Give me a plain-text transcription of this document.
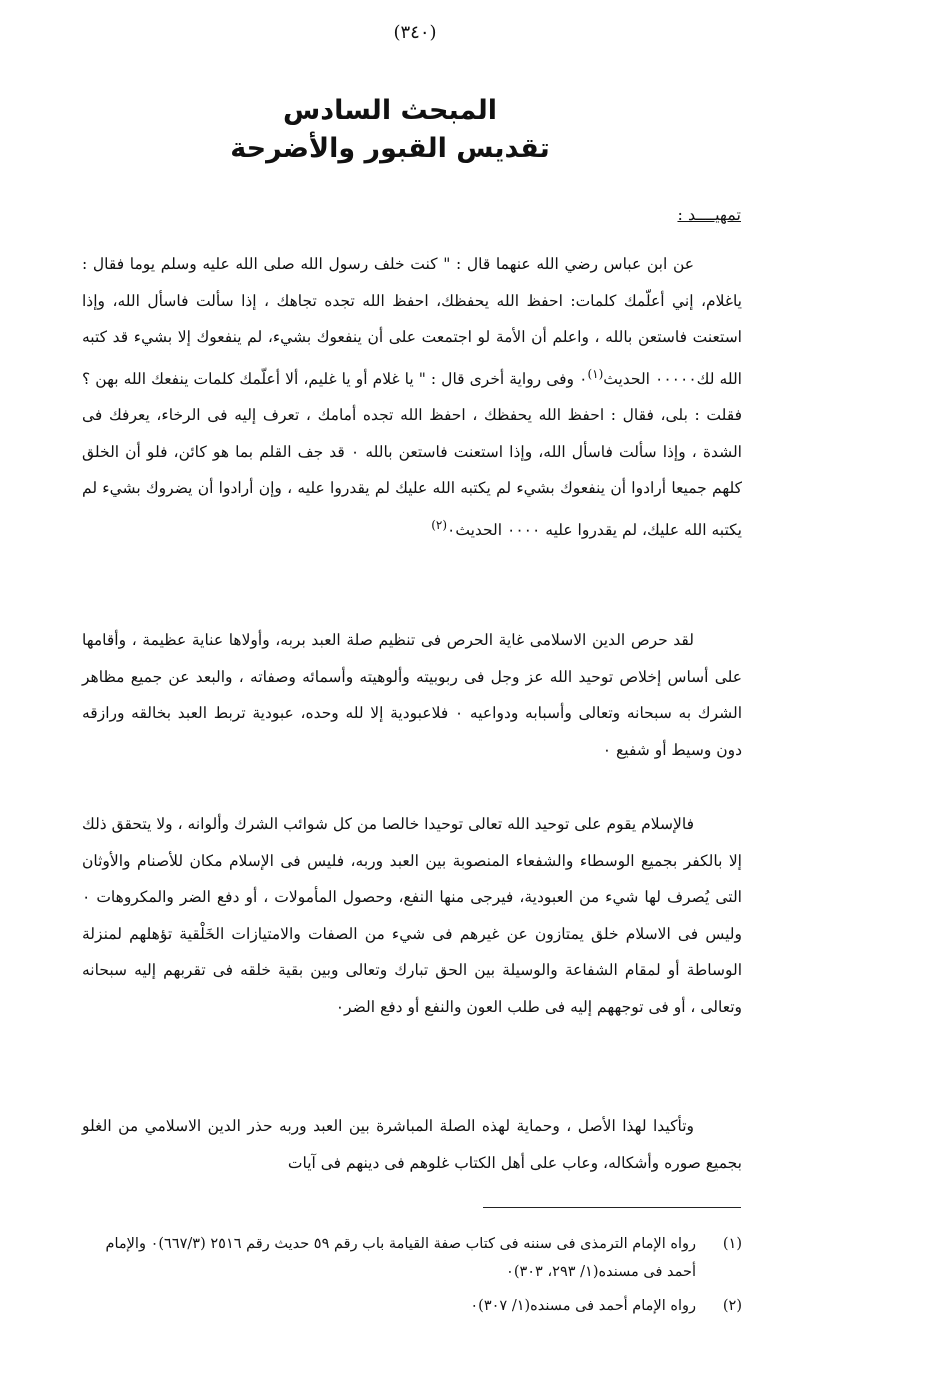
(٣٤٠)

المبحث السادس

تقديس القبور والأضرحة

تمهيــــد :

عن ابن عباس رضي الله عنهما قال : " كنت خلف رسول الله صلى الله عليه وسلم يوما فقال : ياغلام، إني أعلّمك كلمات: احفظ الله يحفظك، احفظ الله تجده تجاهك ، إذا سألت فاسأل الله، وإذا استعنت فاستعن بالله ، واعلم أن الأمة لو اجتمعت على أن ينفعوك بشيء، لم ينفعوك إلا بشيء قد كتبه الله لك٠٠٠٠٠ الحديث$^{(١)}$٠ وفى رواية أخرى قال : " يا غلام أو يا غليم، ألا أعلّمك كلمات ينفعك الله بهن ؟ فقلت : بلى، فقال : احفظ الله يحفظك ، احفظ الله تجده أمامك ، تعرف إليه فى الرخاء، يعرفك فى الشدة ، وإذا سألت فاسأل الله، وإذا استعنت فاستعن بالله ٠ قد جف القلم بما هو كائن، فلو أن الخلق كلهم جميعا أرادوا أن ينفعوك بشيء لم يكتبه الله عليك لم يقدروا عليه ، وإن أرادوا أن يضروك بشيء لم يكتبه الله عليك، لم يقدروا عليه ٠٠٠٠ الحديث٠$^{(٢)}$

لقد حرص الدين الاسلامى غاية الحرص فى تنظيم صلة العبد بربه، وأولاها عناية عظيمة ، وأقامها على أساس إخلاص توحيد الله عز وجل فى ربوبيته وألوهيته وأسمائه وصفاته ، والبعد عن جميع مظاهر الشرك به سبحانه وتعالى وأسبابه ودواعيه ٠ فلاعبودية إلا لله وحده، عبودية تربط العبد بخالقه ورازقه دون وسيط أو شفيع ٠

فالإسلام يقوم على توحيد الله تعالى توحيدا خالصا من كل شوائب الشرك وألوانه ، ولا يتحقق ذلك إلا بالكفر بجميع الوسطاء والشفعاء المنصوبة بين العبد وربه، فليس فى الإسلام مكان للأصنام والأوثان التى يُصرف لها شيء من العبودية، فيرجى منها النفع، وحصول المأمولات ، أو دفع الضر والمكروهات ٠ وليس فى الاسلام خلق يمتازون عن غيرهم فى شيء من الصفات والامتيازات الخَلْقية تؤهلهم لمنزلة الوساطة أو لمقام الشفاعة والوسيلة بين الحق تبارك وتعالى وبين بقية خلقه فى تقربهم إليه سبحانه وتعالى ، أو فى توجههم إليه فى طلب العون والنفع أو دفع الضر٠

وتأكيدا لهذا الأصل ، وحماية لهذه الصلة المباشرة بين العبد وربه حذر الدين الاسلامي من الغلو بجميع صوره وأشكاله، وعاب على أهل الكتاب غلوهم فى دينهم فى آيات

(١)
رواه الإمام الترمذى فى سننه فى كتاب صفة القيامة باب رقم ٥٩ حديث رقم ٢٥١٦ (٦٦٧/٣)٠ والإمام أحمد فى مسنده(١/ ٢٩٣، ٣٠٣)٠

(٢)
رواه الإمام أحمد فى مسنده(١/ ٣٠٧)٠
